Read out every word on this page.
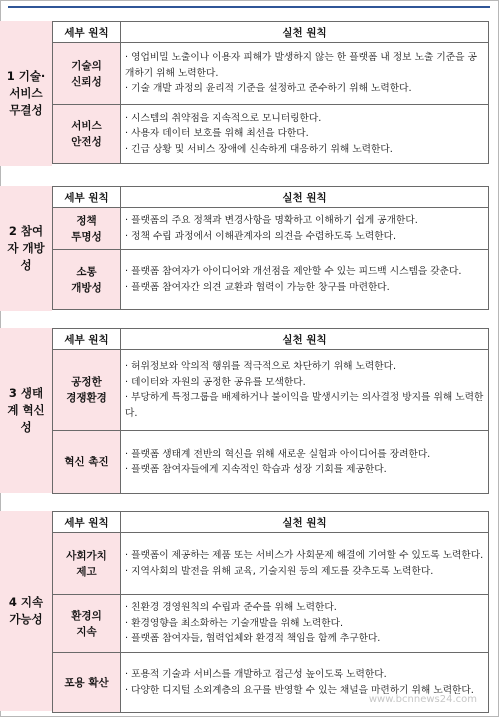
1 기술·
서비스
무결성
세부 원칙	실천 원칙
기술의
신뢰성	· 영업비밀 노출이나 이용자 피해가 발생하지 않는 한 플랫폼 내 정보 노출 기준을 공개하기 위해 노력한다.
· 기술 개발 과정의 윤리적 기준을 설정하고 준수하기 위해 노력한다.

서비스
안전성	· 시스템의 취약점을 지속적으로 모니터링한다.
· 사용자 데이터 보호를 위해 최선을 다한다.
· 긴급 상황 및 서비스 장애에 신속하게 대응하기 위해 노력한다.
2 참여
자 개방
성
세부 원칙	실천 원칙
정책
투명성	· 플랫폼의 주요 정책과 변경사항을 명확하고 이해하기 쉽게 공개한다.
· 정책 수립 과정에서 이해관계자의 의견을 수렴하도록 노력한다.

소통
개방성	· 플랫폼 참여자가 아이디어와 개선점을 제안할 수 있는 피드백 시스템을 갖춘다.
· 플랫폼 참여자간 의견 교환과 협력이 가능한 창구를 마련한다.
3 생태
계 혁신
성
세부 원칙	실천 원칙
공정한
경쟁환경	· 허위정보와 악의적 행위를 적극적으로 차단하기 위해 노력한다.
· 데이터와 자원의 공정한 공유를 모색한다.
· 부당하게 특정그룹을 배제하거나 불이익을 발생시키는 의사결정 방지를 위해 노력한다.

혁신 촉진	· 플랫폼 생태계 전반의 혁신을 위해 새로운 실험과 아이디어를 장려한다.
· 플랫폼 참여자들에게 지속적인 학습과 성장 기회를 제공한다.
4 지속
가능성
세부 원칙	실천 원칙
사회가치
제고	· 플랫폼이 제공하는 제품 또는 서비스가 사회문제 해결에 기여할 수 있도록 노력한다.
· 지역사회의 발전을 위해 교육, 기술지원 등의 제도를 갖추도록 노력한다.

환경의
지속	· 친환경 경영원칙의 수립과 준수를 위해 노력한다.
· 환경영향을 최소화하는 기술개발을 위해 노력한다.
· 플랫폼 참여자들, 협력업체와 환경적 책임을 함께 추구한다.

포용 확산	· 포용적 기술과 서비스를 개발하고 접근성 높이도록 노력한다.
· 다양한 디지털 소외계층의 요구를 반영할 수 있는 채널을 마련하기 위해 노력한다.
www.bcnnews24.com
